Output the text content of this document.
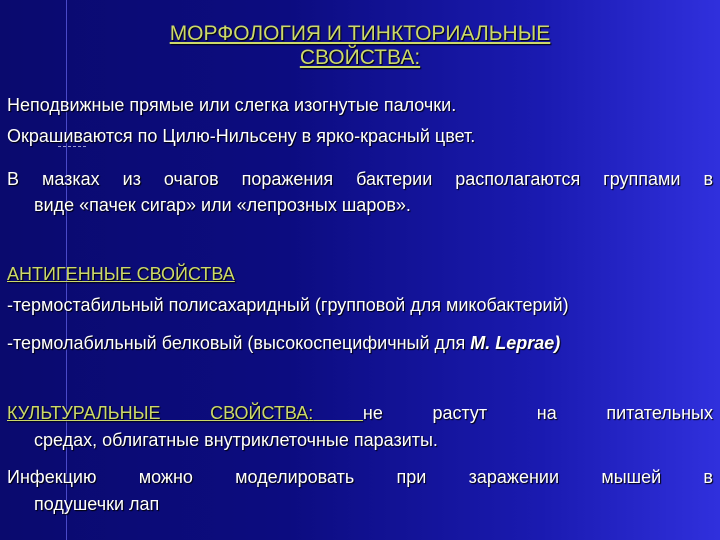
МОРФОЛОГИЯ И ТИНКТОРИАЛЬНЫЕ
СВОЙСТВА:
Неподвижные прямые или слегка изогнутые палочки.
Окрашиваются по Цилю-Нильсену в ярко-красный цвет.
В мазках из очагов поражения бактерии располагаются группами в
виде «пачек сигар» или «лепрозных шаров».
АНТИГЕННЫЕ СВОЙСТВА
-термостабильный полисахаридный (групповой для микобактерий)
-термолабильный белковый (высокоспецифичный для M. Leprae)
КУЛЬТУРАЛЬНЫЕ СВОЙСТВА:	не растут на питательных
средах, облигатные внутриклеточные паразиты.
Инфекцию можно моделировать при заражении мышей в
подушечки лап
